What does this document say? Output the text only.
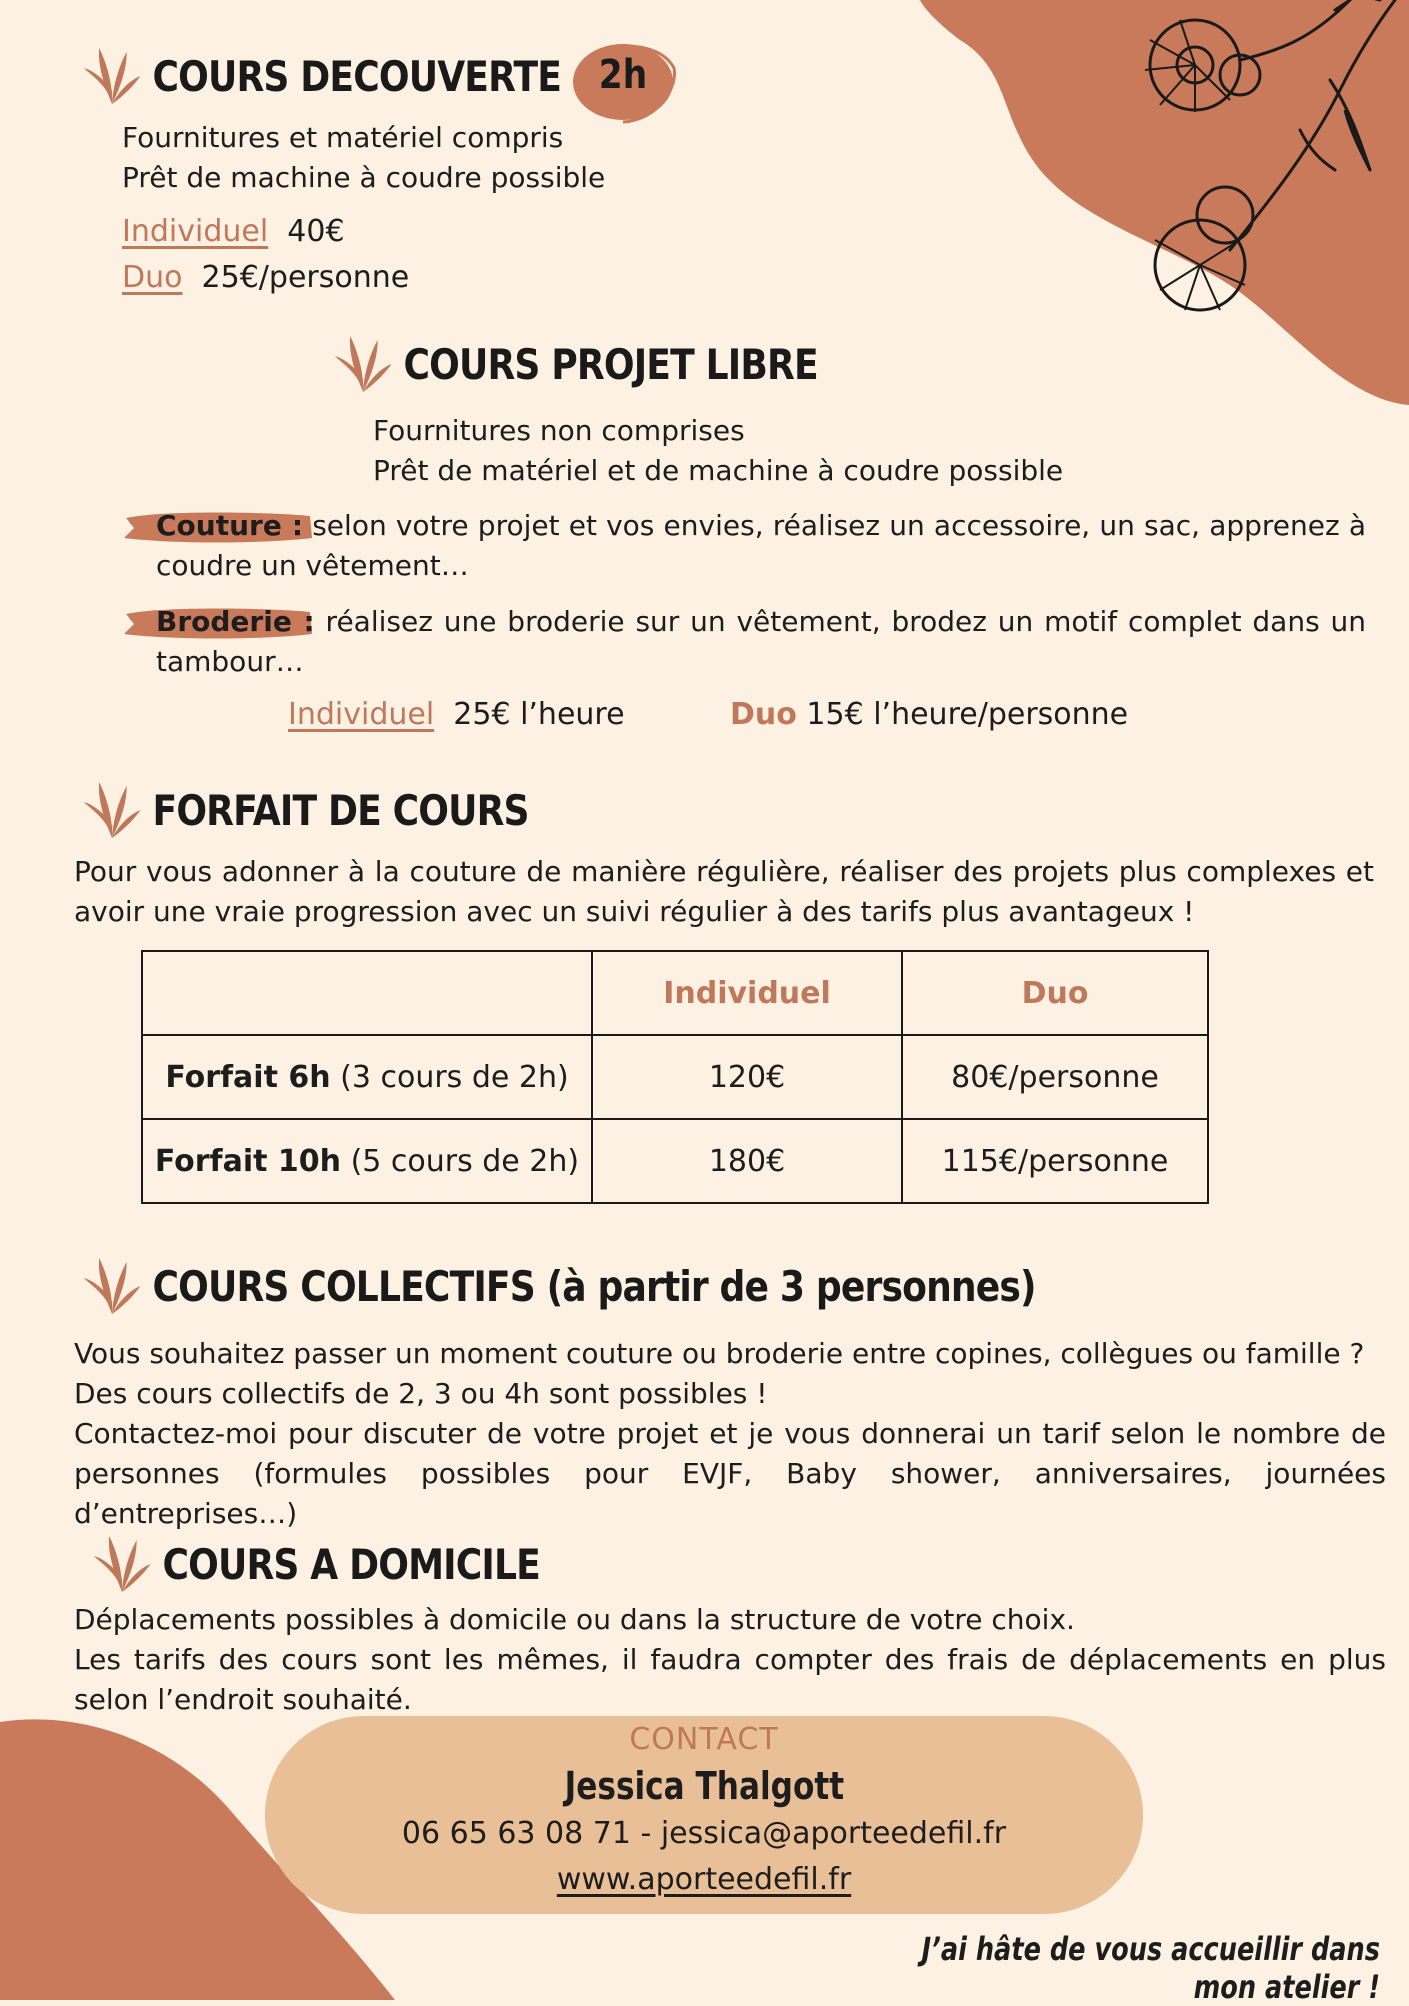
COURS DECOUVERTE 2h
Fournitures et matériel compris
Prêt de machine à coudre possible
Individuel 40€
Duo 25€/personne
COURS PROJET LIBRE
Fournitures non comprises
Prêt de matériel et de machine à coudre possible
Couture : selon votre projet et vos envies, réalisez un accessoire, un sac, apprenez à coudre un vêtement…
Broderie : réalisez une broderie sur un vêtement, brodez un motif complet dans un tambour…
Individuel 25€ l’heure	Duo 15€ l’heure/personne
FORFAIT DE COURS
Pour vous adonner à la couture de manière régulière, réaliser des projets plus complexes et avoir une vraie progression avec un suivi régulier à des tarifs plus avantageux !
	Individuel	Duo
Forfait 6h (3 cours de 2h)	120€	80€/personne
Forfait 10h (5 cours de 2h)	180€	115€/personne
COURS COLLECTIFS (à partir de 3 personnes)
Vous souhaitez passer un moment couture ou broderie entre copines, collègues ou famille ?
Des cours collectifs de 2, 3 ou 4h sont possibles !
Contactez-moi pour discuter de votre projet et je vous donnerai un tarif selon le nombre de personnes (formules possibles pour EVJF, Baby shower, anniversaires, journées d’entreprises…)
COURS A DOMICILE
Déplacements possibles à domicile ou dans la structure de votre choix.
Les tarifs des cours sont les mêmes, il faudra compter des frais de déplacements en plus selon l’endroit souhaité.
CONTACT
Jessica Thalgott
06 65 63 08 71 - jessica@aporteedefil.fr
www.aporteedefil.fr
J’ai hâte de vous accueillir dans mon atelier !
